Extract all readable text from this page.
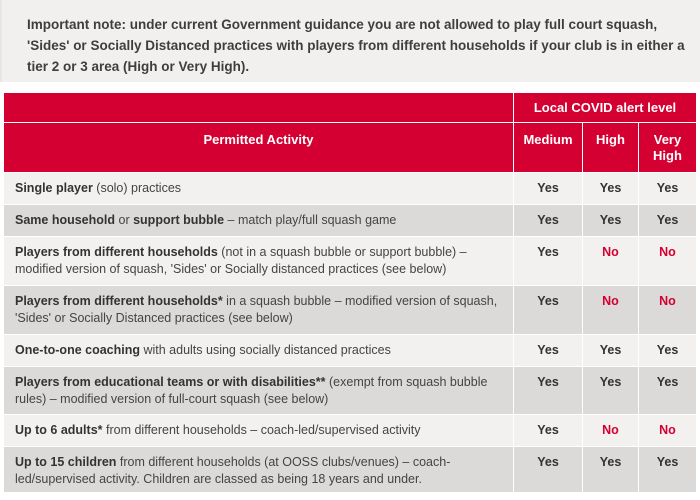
Important note: under current Government guidance you are not allowed to play full court squash, 'Sides' or Socially Distanced practices with players from different households if your club is in either a tier 2 or 3 area (High or Very High).
	Local COVID alert level		
Permitted Activity	Medium	High	Very High
Single player (solo) practices	Yes	Yes	Yes
Same household or support bubble – match play/full squash game	Yes	Yes	Yes
Players from different households (not in a squash bubble or support bubble) – modified version of squash, 'Sides' or Socially distanced practices (see below)	Yes	No	No
Players from different households* in a squash bubble – modified version of squash, 'Sides' or Socially Distanced practices (see below)	Yes	No	No
One-to-one coaching with adults using socially distanced practices	Yes	Yes	Yes
Players from educational teams or with disabilities** (exempt from squash bubble rules) – modified version of full-court squash (see below)	Yes	Yes	Yes
Up to 6 adults* from different households – coach-led/supervised activity	Yes	No	No
Up to 15 children from different households (at OOSS clubs/venues) – coach-led/supervised activity. Children are classed as being 18 years and under.	Yes	Yes	Yes
